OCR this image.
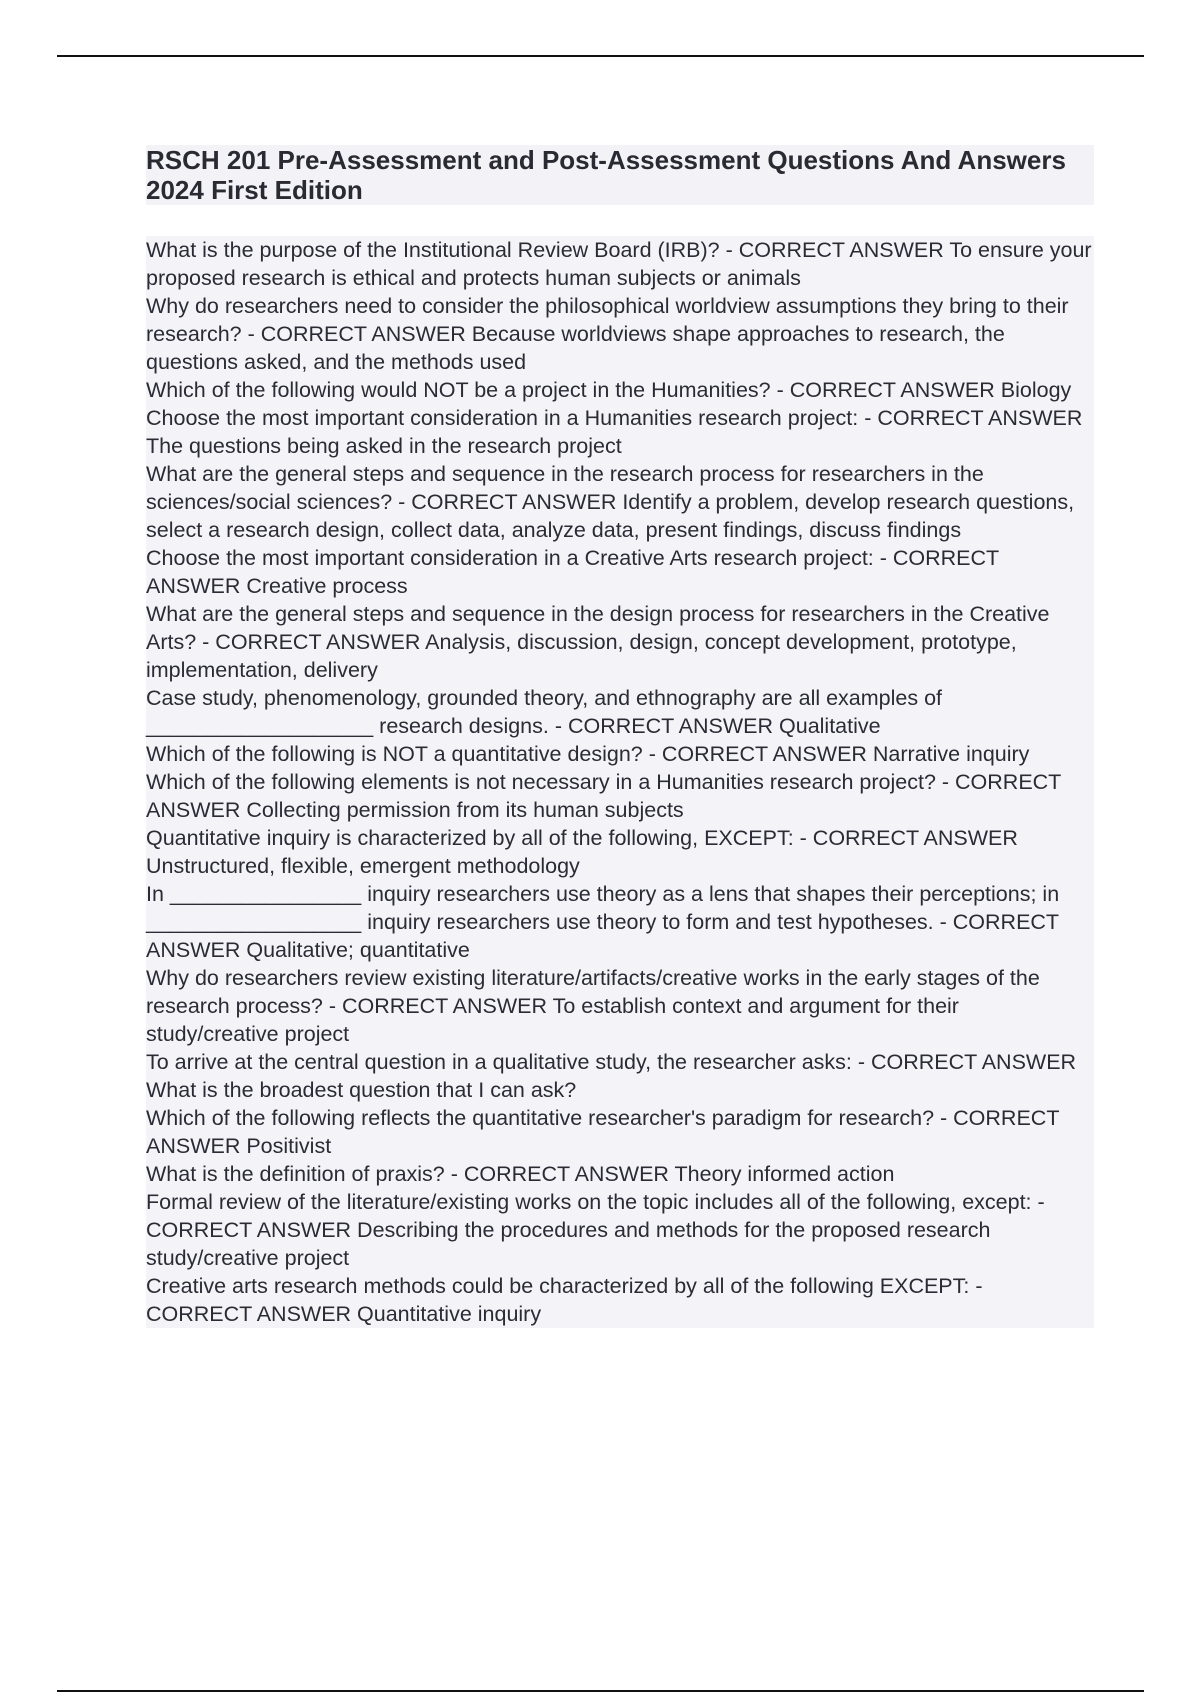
RSCH 201 Pre-Assessment and Post-Assessment Questions And Answers 2024 First Edition
What is the purpose of the Institutional Review Board (IRB)? - CORRECT ANSWER To ensure your proposed research is ethical and protects human subjects or animals
Why do researchers need to consider the philosophical worldview assumptions they bring to their research? - CORRECT ANSWER Because worldviews shape approaches to research, the questions asked, and the methods used
Which of the following would NOT be a project in the Humanities? - CORRECT ANSWER Biology
Choose the most important consideration in a Humanities research project: - CORRECT ANSWER The questions being asked in the research project
What are the general steps and sequence in the research process for researchers in the sciences/social sciences? - CORRECT ANSWER Identify a problem, develop research questions, select a research design, collect data, analyze data, present findings, discuss findings
Choose the most important consideration in a Creative Arts research project: - CORRECT ANSWER Creative process
What are the general steps and sequence in the design process for researchers in the Creative Arts? - CORRECT ANSWER Analysis, discussion, design, concept development, prototype, implementation, delivery
Case study, phenomenology, grounded theory, and ethnography are all examples of ___________________ research designs. - CORRECT ANSWER Qualitative
Which of the following is NOT a quantitative design? - CORRECT ANSWER Narrative inquiry
Which of the following elements is not necessary in a Humanities research project? - CORRECT ANSWER Collecting permission from its human subjects
Quantitative inquiry is characterized by all of the following, EXCEPT: - CORRECT ANSWER Unstructured, flexible, emergent methodology
In ________________ inquiry researchers use theory as a lens that shapes their perceptions; in __________________ inquiry researchers use theory to form and test hypotheses. - CORRECT ANSWER Qualitative; quantitative
Why do researchers review existing literature/artifacts/creative works in the early stages of the research process? - CORRECT ANSWER To establish context and argument for their study/creative project
To arrive at the central question in a qualitative study, the researcher asks: - CORRECT ANSWER What is the broadest question that I can ask?
Which of the following reflects the quantitative researcher's paradigm for research? - CORRECT ANSWER Positivist
What is the definition of praxis? - CORRECT ANSWER Theory informed action
Formal review of the literature/existing works on the topic includes all of the following, except: - CORRECT ANSWER Describing the procedures and methods for the proposed research study/creative project
Creative arts research methods could be characterized by all of the following EXCEPT: - CORRECT ANSWER Quantitative inquiry
